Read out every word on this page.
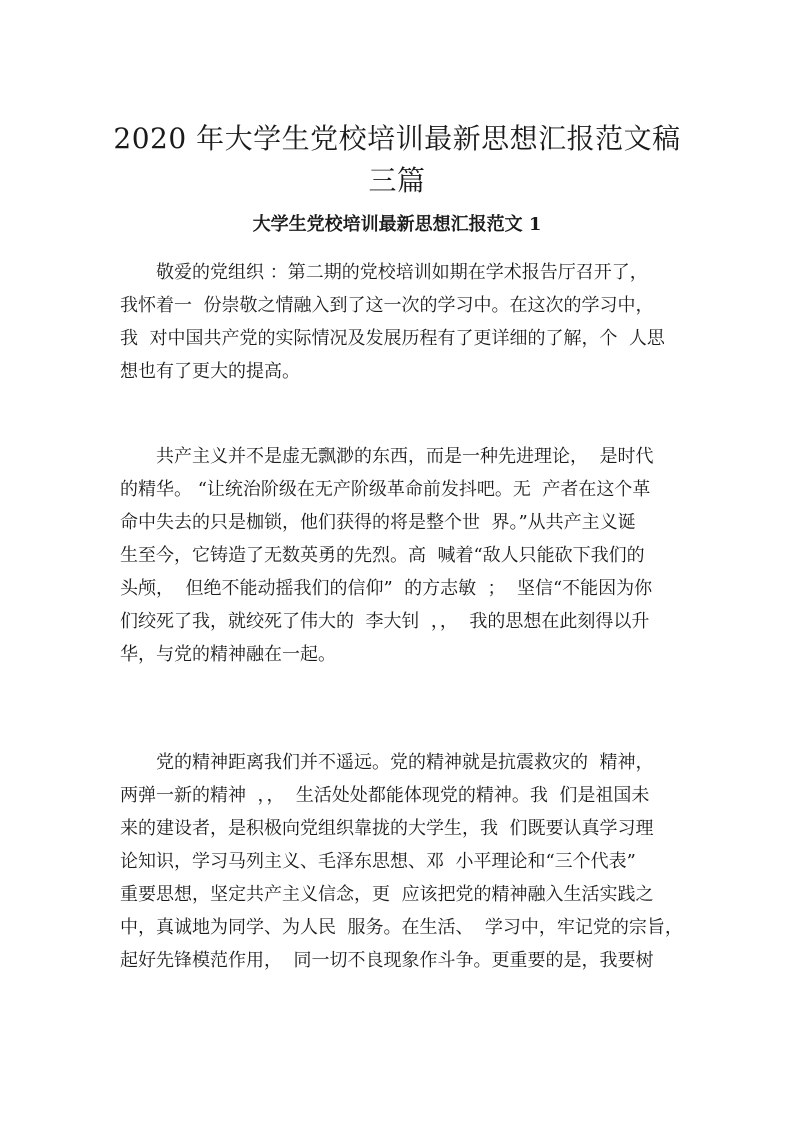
2020 年大学生党校培训最新思想汇报范文稿三篇
大学生党校培训最新思想汇报范文 1

敬爱的党组织 ：第二期的党校培训如期在学术报告厅召开了，
我怀着一  份崇敬之情融入到了这一次的学习中。在这次的学习中，
我  对中国共产党的实际情况及发展历程有了更详细的了解，个  人思
想也有了更大的提高。

共产主义并不是虚无飘渺的东西，而是一种先进理论，  是时代
的精华。 “让统治阶级在无产阶级革命前发抖吧。无  产者在这个革
命中失去的只是枷锁，他们获得的将是整个世  界。”从共产主义诞
生至今，它铸造了无数英勇的先烈。高  喊着“敌人只能砍下我们的
头颅，  但绝不能动摇我们的信仰”  的方志敏  ；  坚信“不能因为你
们绞死了我，就绞死了伟大的  李大钊  ，，  我的思想在此刻得以升
华，与党的精神融在一起。

党的精神距离我们并不遥远。党的精神就是抗震救灾的  精神，
两弹一新的精神  ，，  生活处处都能体现党的精神。我  们是祖国未
来的建设者，是积极向党组织靠拢的大学生，我  们既要认真学习理
论知识，学习马列主义、毛泽东思想、邓  小平理论和“三个代表”
重要思想，坚定共产主义信念，更  应该把党的精神融入生活实践之
中，真诚地为同学、为人民  服务。在生活、  学习中，牢记党的宗旨，
起好先锋模范作用，  同一切不良现象作斗争。更重要的是，我要树
